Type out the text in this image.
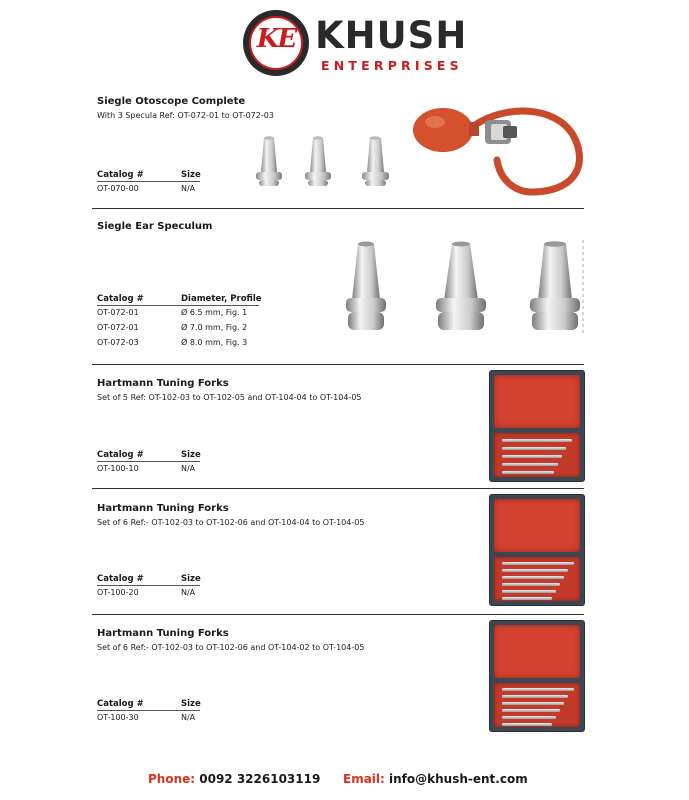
KE KHUSH
ENTERPRISES
Siegle Otoscope Complete
With 3 Specula Ref: OT-072-01 to OT-072-03
Catalog #	Size
OT-070-00	N/A
Siegle Ear Speculum
Catalog #	Diameter, Profile
OT-072-01	Ø 6.5 mm, Fig. 1
OT-072-01	Ø 7.0 mm, Fig. 2
OT-072-03	Ø 8.0 mm, Fig. 3
Hartmann Tuning Forks
Set of 5 Ref: OT-102-03 to OT-102-05 and OT-104-04 to OT-104-05
Catalog #	Size
OT-100-10	N/A
Hartmann Tuning Forks
Set of 6 Ref:- OT-102-03 to OT-102-06 and OT-104-04 to OT-104-05
Catalog #	Size
OT-100-20	N/A
Hartmann Tuning Forks
Set of 6 Ref:- OT-102-03 to OT-102-06 and OT-104-02 to OT-104-05
Catalog #	Size
OT-100-30	N/A
Phone: 0092 3226103119 Email: info@khush-ent.com
